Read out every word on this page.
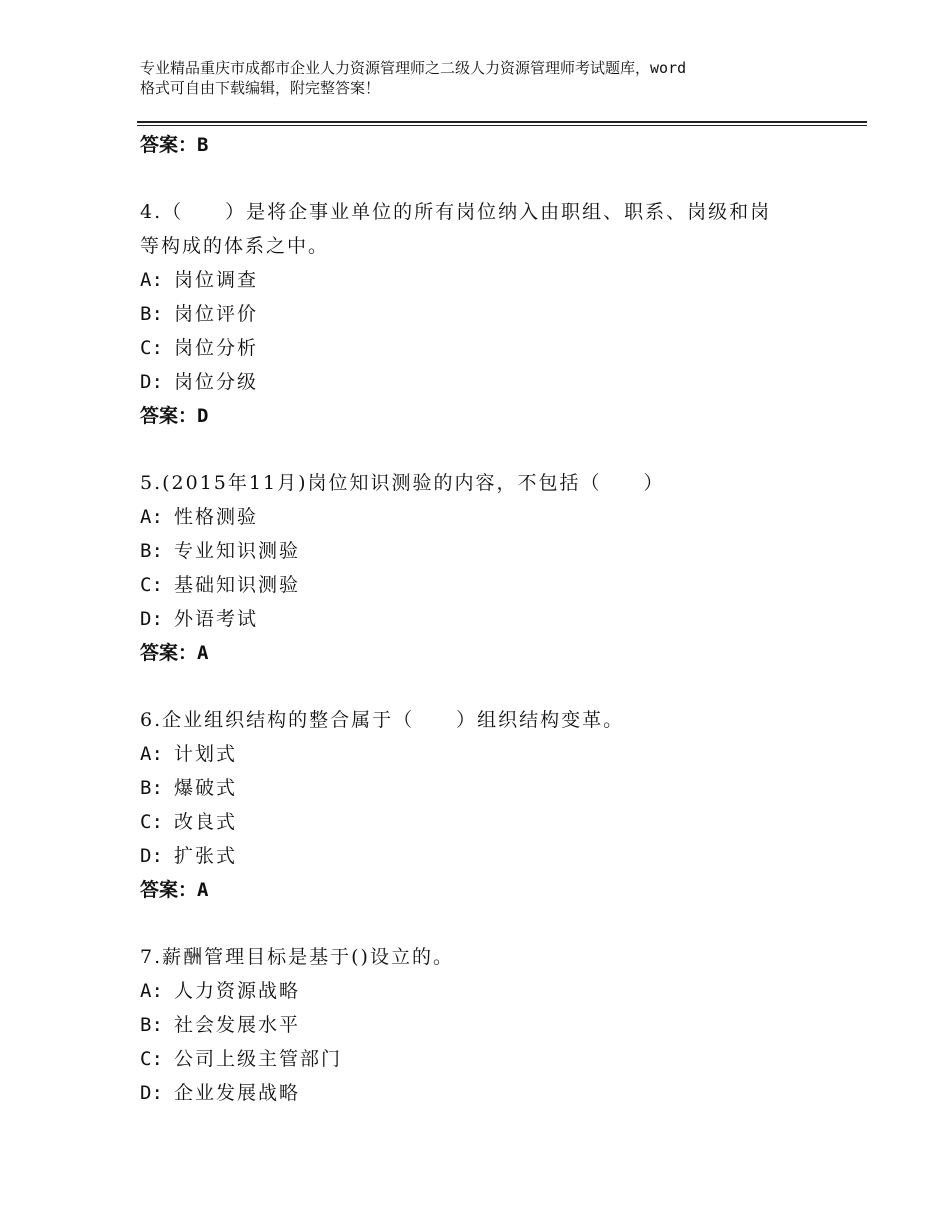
专业精品重庆市成都市企业人力资源管理师之二级人力资源管理师考试题库，word
格式可自由下载编辑，附完整答案！
答案：B
4.（　　）是将企事业单位的所有岗位纳入由职组、职系、岗级和岗
等构成的体系之中。
A: 岗位调查
B: 岗位评价
C: 岗位分析
D: 岗位分级
答案：D
5.(2015年11月)岗位知识测验的内容，不包括（　　）
A: 性格测验
B: 专业知识测验
C: 基础知识测验
D: 外语考试
答案：A
6.企业组织结构的整合属于（　　）组织结构变革。
A: 计划式
B: 爆破式
C: 改良式
D: 扩张式
答案：A
7.薪酬管理目标是基于()设立的。
A: 人力资源战略
B: 社会发展水平
C: 公司上级主管部门
D: 企业发展战略
